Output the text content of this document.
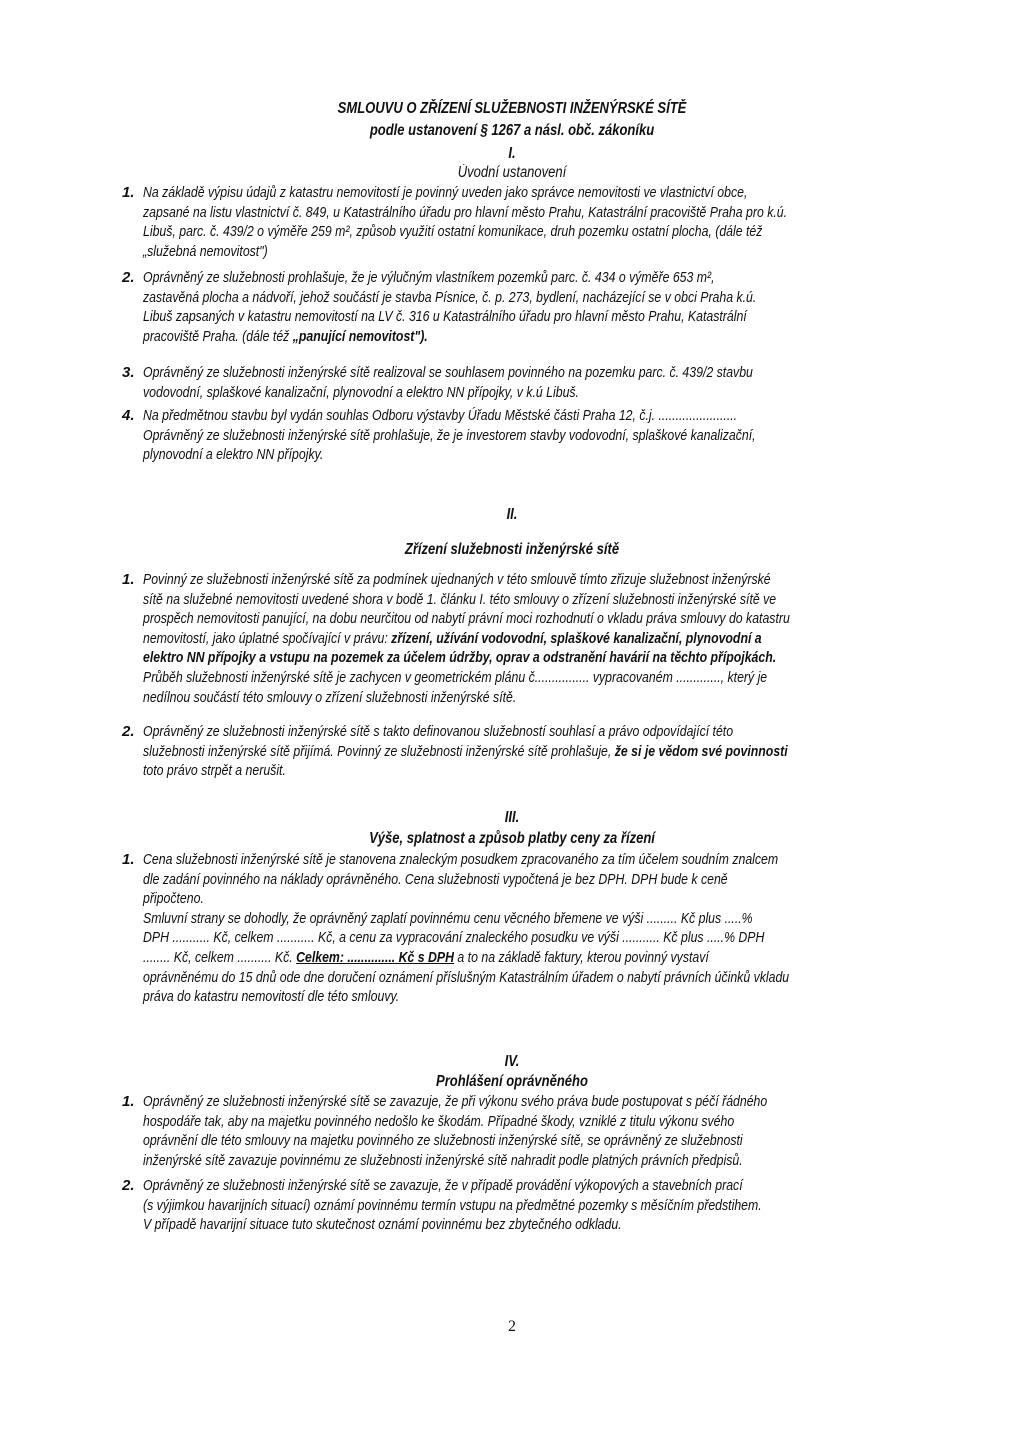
SMLOUVU O ZŘÍZENÍ SLUŽEBNOSTI INŽENÝRSKÉ SÍTĚ
podle ustanovení § 1267 a násl. obč. zákoníku
I.
Úvodní ustanovení
1. Na základě výpisu údajů z katastru nemovitostí je povinný uveden jako správce nemovitosti ve vlastnictví obce,
zapsané na listu vlastnictví č. 849, u Katastrálního úřadu pro hlavní město Prahu, Katastrální pracoviště Praha pro k.ú.
Libuš, parc. č. 439/2 o výměře 259 m², způsob využití ostatní komunikace, druh pozemku ostatní plocha, (dále též
„služebná nemovitost")
2. Oprávněný ze služebnosti prohlašuje, že je výlučným vlastníkem pozemků parc. č. 434 o výměře 653 m²,
zastavěná plocha a nádvoří, jehož součástí je stavba Písnice, č. p. 273, bydlení, nacházející se v obci Praha k.ú.
Libuš zapsaných v katastru nemovitostí na LV č. 316 u Katastrálního úřadu pro hlavní město Prahu, Katastrální
pracoviště Praha. (dále též „panující nemovitost").
3. Oprávněný ze služebnosti inženýrské sítě realizoval se souhlasem povinného na pozemku parc. č. 439/2 stavbu
vodovodní, splaškové kanalizační, plynovodní a elektro NN přípojky, v k.ú Libuš.
4. Na předmětnou stavbu byl vydán souhlas Odboru výstavby Úřadu Městské části Praha 12, č.j. .......................
Oprávněný ze služebnosti inženýrské sítě prohlašuje, že je investorem stavby vodovodní, splaškové kanalizační,
plynovodní a elektro NN přípojky.
II.
Zřízení služebnosti inženýrské sítě
1. Povinný ze služebnosti inženýrské sítě za podmínek ujednaných v této smlouvě tímto zřizuje služebnost inženýrské
sítě na služebné nemovitosti uvedené shora v bodě 1. článku I. této smlouvy o zřízení služebnosti inženýrské sítě ve
prospěch nemovitosti panující, na dobu neurčitou od nabytí právní moci rozhodnutí o vkladu práva smlouvy do katastru
nemovitostí, jako úplatné spočívající v právu: zřízení, užívání vodovodní, splaškové kanalizační, plynovodní a
elektro NN přípojky a vstupu na pozemek za účelem údržby, oprav a odstranění havárií na těchto přípojkách.
Průběh služebnosti inženýrské sítě je zachycen v geometrickém plánu č................ vypracovaném ............., který je
nedílnou součástí této smlouvy o zřízení služebnosti inženýrské sítě.
2. Oprávněný ze služebnosti inženýrské sítě s takto definovanou služebností souhlasí a právo odpovídající této
služebnosti inženýrské sítě přijímá. Povinný ze služebnosti inženýrské sítě prohlašuje, že si je vědom své povinnosti
toto právo strpět a nerušit.
III.
Výše, splatnost a způsob platby ceny za řízení
1. Cena služebnosti inženýrské sítě je stanovena znaleckým posudkem zpracovaného za tím účelem soudním znalcem
dle zadání povinného na náklady oprávněného. Cena služebnosti vypočtená je bez DPH. DPH bude k ceně
připočteno.
Smluvní strany se dohodly, že oprávněný zaplatí povinnému cenu věcného břemene ve výši ......... Kč plus .....%
DPH ........... Kč, celkem ........... Kč, a cenu za vypracování znaleckého posudku ve výši ........... Kč plus .....% DPH
........ Kč, celkem .......... Kč. Celkem: .............. Kč s DPH a to na základě faktury, kterou povinný vystaví
oprávněnému do 15 dnů ode dne doručení oznámení příslušným Katastrálním úřadem o nabytí právních účinků vkladu
práva do katastru nemovitostí dle této smlouvy.
IV.
Prohlášení oprávněného
1. Oprávněný ze služebnosti inženýrské sítě se zavazuje, že při výkonu svého práva bude postupovat s péčí řádného
hospodáře tak, aby na majetku povinného nedošlo ke škodám. Případné škody, vzniklé z titulu výkonu svého
oprávnění dle této smlouvy na majetku povinného ze služebnosti inženýrské sítě, se oprávněný ze služebnosti
inženýrské sítě zavazuje povinnému ze služebnosti inženýrské sítě nahradit podle platných právních předpisů.
2. Oprávněný ze služebnosti inženýrské sítě se zavazuje, že v případě provádění výkopových a stavebních prací
(s výjimkou havarijních situací) oznámí povinnému termín vstupu na předmětné pozemky s měsíčním předstihem.
V případě havarijní situace tuto skutečnost oznámí povinnému bez zbytečného odkladu.
2
